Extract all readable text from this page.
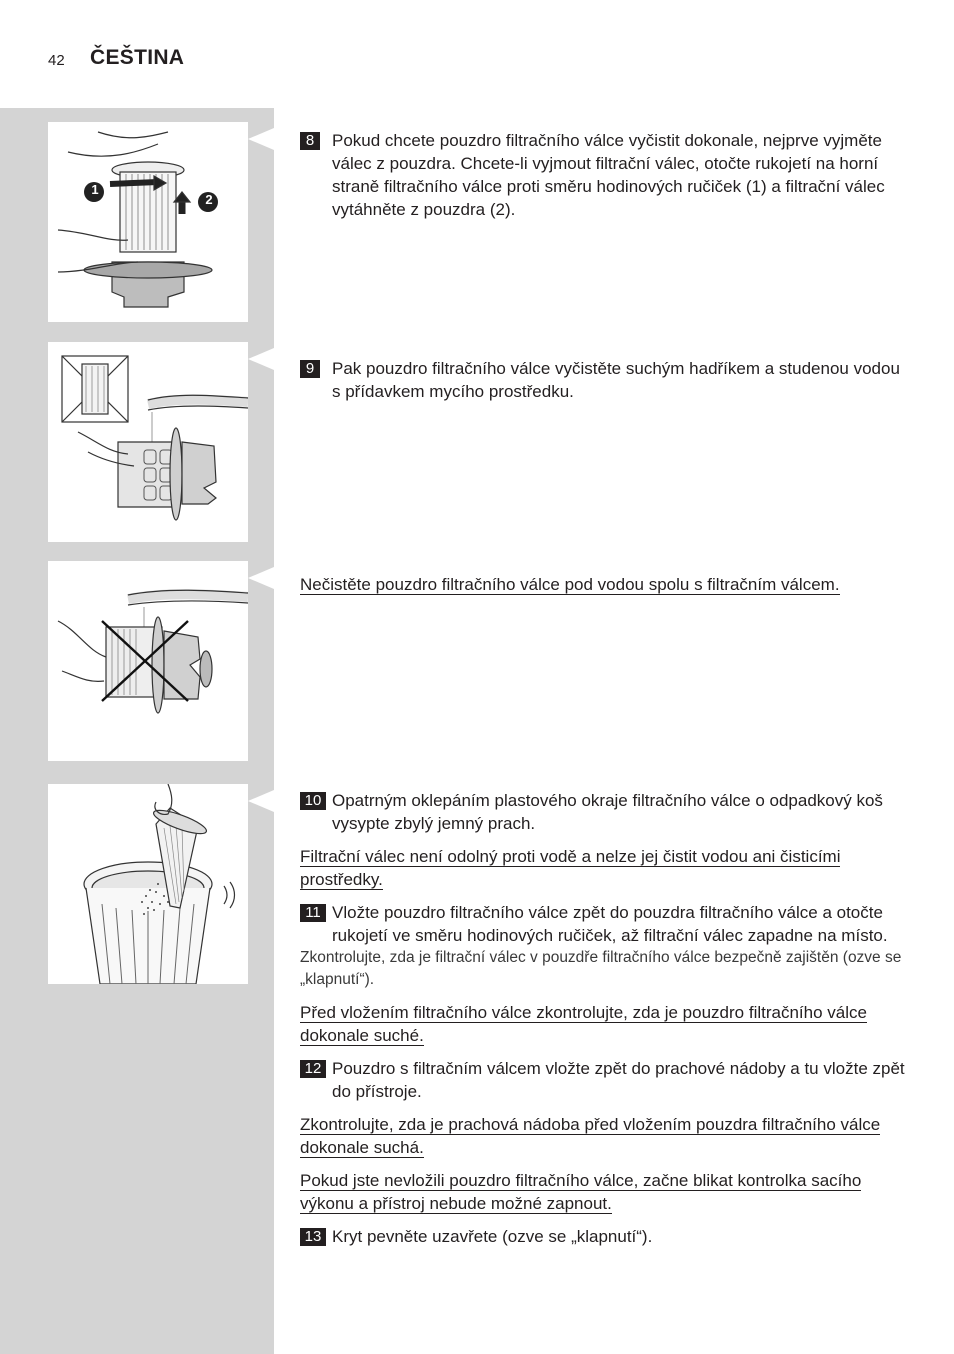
42 ČEŠTINA
1
2
8	Pokud chcete pouzdro filtračního válce vyčistit dokonale, nejprve vyjměte válec z pouzdra. Chcete-li vyjmout filtrační válec, otočte rukojetí na horní straně filtračního válce proti směru hodinových ručiček (1) a filtrační válec vytáhněte z pouzdra (2).
9	Pak pouzdro filtračního válce vyčistěte suchým hadříkem a studenou vodou s přídavkem mycího prostředku.
Nečistěte pouzdro filtračního válce pod vodou spolu s filtračním válcem.
10 Opatrným oklepáním plastového okraje filtračního válce o odpadkový koš vysypte zbylý jemný prach.
Filtrační válec není odolný proti vodě a nelze jej čistit vodou ani čisticími prostředky.
11 Vložte pouzdro filtračního válce zpět do pouzdra filtračního válce a otočte rukojetí ve směru hodinových ručiček, až filtrační válec zapadne na místo.
Zkontrolujte, zda je filtrační válec v pouzdře filtračního válce bezpečně zajištěn (ozve se „klapnutí“).
Před vložením filtračního válce zkontrolujte, zda je pouzdro filtračního válce dokonale suché.
12 Pouzdro s filtračním válcem vložte zpět do prachové nádoby a tu vložte zpět do přístroje.
Zkontrolujte, zda je prachová nádoba před vložením pouzdra filtračního válce dokonale suchá.
Pokud jste nevložili pouzdro filtračního válce, začne blikat kontrolka sacího výkonu a přístroj nebude možné zapnout.
13 Kryt pevněte uzavřete (ozve se „klapnutí“).
